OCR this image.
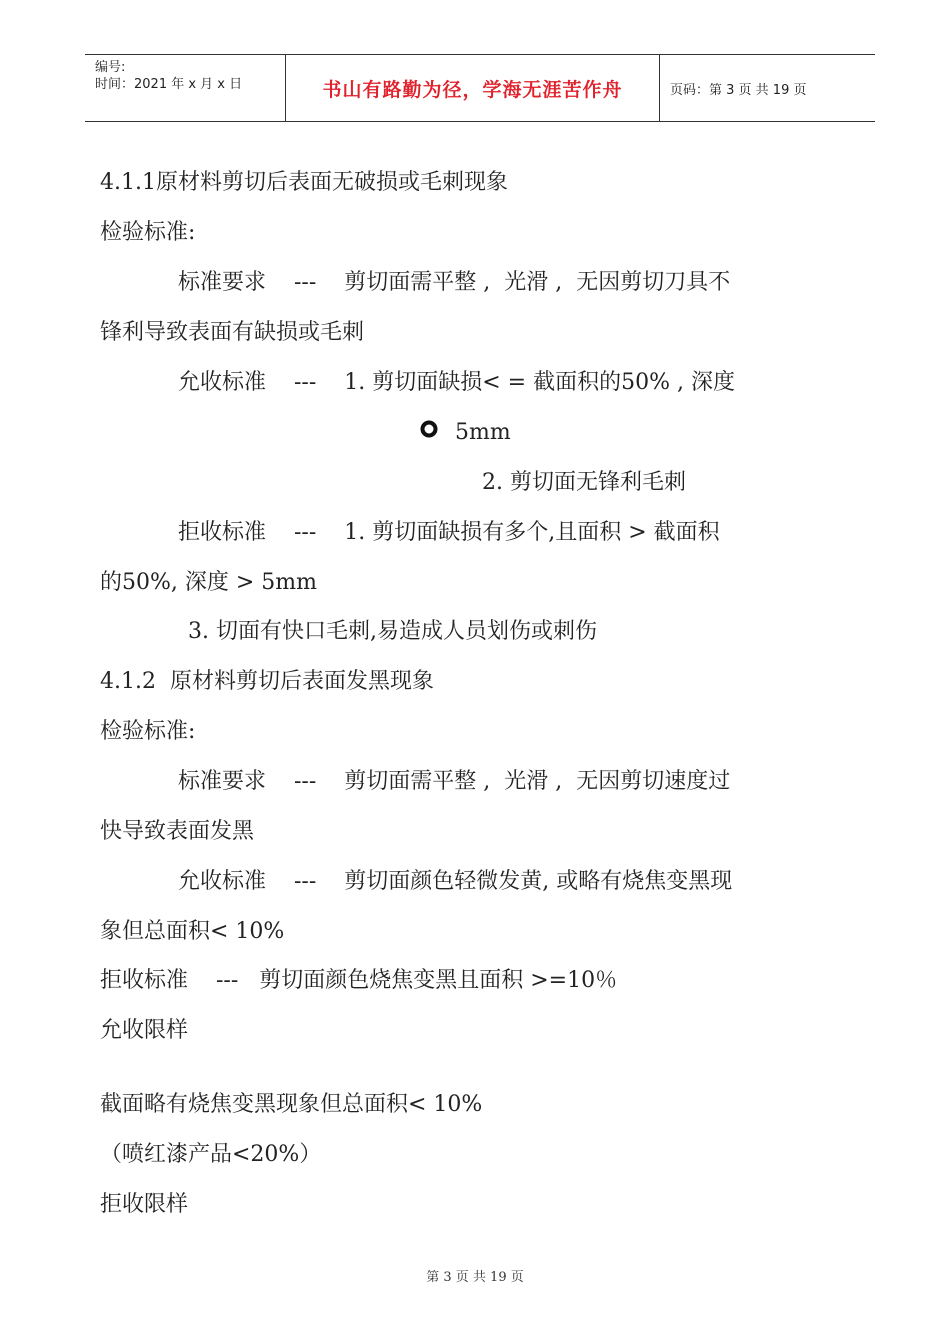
编号:
时间：2021 年 x 月 x 日	书山有路勤为径，学海无涯苦作舟	页码：第 3 页 共 19 页
4.1.1原材料剪切后表面无破损或毛刺现象
检验标准:
标准要求    ---    剪切面需平整 ,  光滑 ,  无因剪切刀具不
锋利导致表面有缺损或毛刺
允收标准    ---    1. 剪切面缺损< = 截面积的50% , 深度
5mm
2. 剪切面无锋利毛刺
拒收标准    ---    1. 剪切面缺损有多个,且面积 > 截面积
的50%, 深度 > 5mm
3. 切面有快口毛刺,易造成人员划伤或刺伤
4.1.2  原材料剪切后表面发黑现象
检验标准:
标准要求    ---    剪切面需平整 ,  光滑 ,  无因剪切速度过
快导致表面发黑
允收标准    ---    剪切面颜色轻微发黄, 或略有烧焦变黑现
象但总面积< 10%
拒收标准    ---   剪切面颜色烧焦变黑且面积 >=10％
允收限样
截面略有烧焦变黑现象但总面积< 10%
（喷红漆产品<20%）
拒收限样
第 3 页 共 19 页
